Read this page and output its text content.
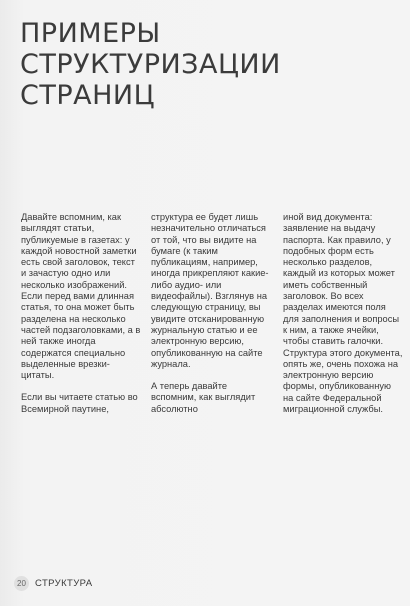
ПРИМЕРЫ
СТРУКТУРИЗАЦИИ
СТРАНИЦ

Давайте вспомним, как выглядят статьи, публикуемые в газетах: у каждой новостной заметки есть свой заголовок, текст и зачастую одно или несколько изображений. Если перед вами длинная статья, то она может быть разделена на несколько частей подзаголовками, а в ней также иногда содержатся специально выделенные врезки-цитаты.

Если вы читаете статью во Всемирной паутине,

структура ее будет лишь незначительно отличаться от той, что вы видите на бумаге (к таким публикациям, например, иногда прикрепляют какие-либо аудио- или видеофайлы). Взглянув на следующую страницу, вы увидите отсканированную журнальную статью и ее электронную версию, опубликованную на сайте журнала.

А теперь давайте вспомним, как выглядит абсолютно

иной вид документа: заявление на выдачу паспорта. Как правило, у подобных форм есть несколько разделов, каждый из которых может иметь собственный заголовок. Во всех разделах имеются поля для заполнения и вопросы к ним, а также ячейки, чтобы ставить галочки. Структура этого документа, опять же, очень похожа на электронную версию формы, опубликованную на сайте Федеральной миграционной службы.

20 СТРУКТУРА
